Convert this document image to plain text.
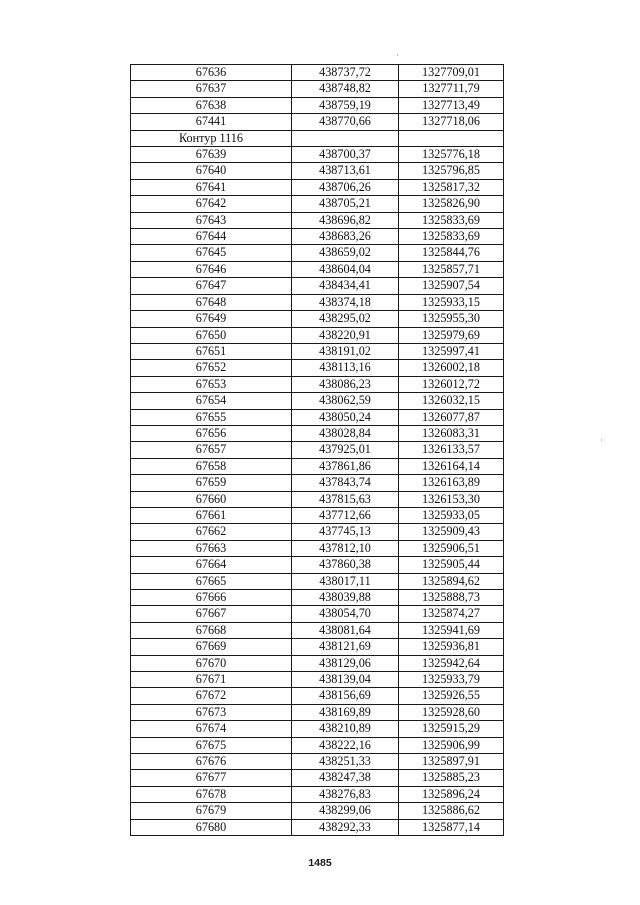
67636	438737,72	1327709,01
67637	438748,82	1327711,79
67638	438759,19	1327713,49
67441	438770,66	1327718,06
Контур 1116		
67639	438700,37	1325776,18
67640	438713,61	1325796,85
67641	438706,26	1325817,32
67642	438705,21	1325826,90
67643	438696,82	1325833,69
67644	438683,26	1325833,69
67645	438659,02	1325844,76
67646	438604,04	1325857,71
67647	438434,41	1325907,54
67648	438374,18	1325933,15
67649	438295,02	1325955,30
67650	438220,91	1325979,69
67651	438191,02	1325997,41
67652	438113,16	1326002,18
67653	438086,23	1326012,72
67654	438062,59	1326032,15
67655	438050,24	1326077,87
67656	438028,84	1326083,31
67657	437925,01	1326133,57
67658	437861,86	1326164,14
67659	437843,74	1326163,89
67660	437815,63	1326153,30
67661	437712,66	1325933,05
67662	437745,13	1325909,43
67663	437812,10	1325906,51
67664	437860,38	1325905,44
67665	438017,11	1325894,62
67666	438039,88	1325888,73
67667	438054,70	1325874,27
67668	438081,64	1325941,69
67669	438121,69	1325936,81
67670	438129,06	1325942,64
67671	438139,04	1325933,79
67672	438156,69	1325926,55
67673	438169,89	1325928,60
67674	438210,89	1325915,29
67675	438222,16	1325906,99
67676	438251,33	1325897,91
67677	438247,38	1325885,23
67678	438276,83	1325896,24
67679	438299,06	1325886,62
67680	438292,33	1325877,14
1485
